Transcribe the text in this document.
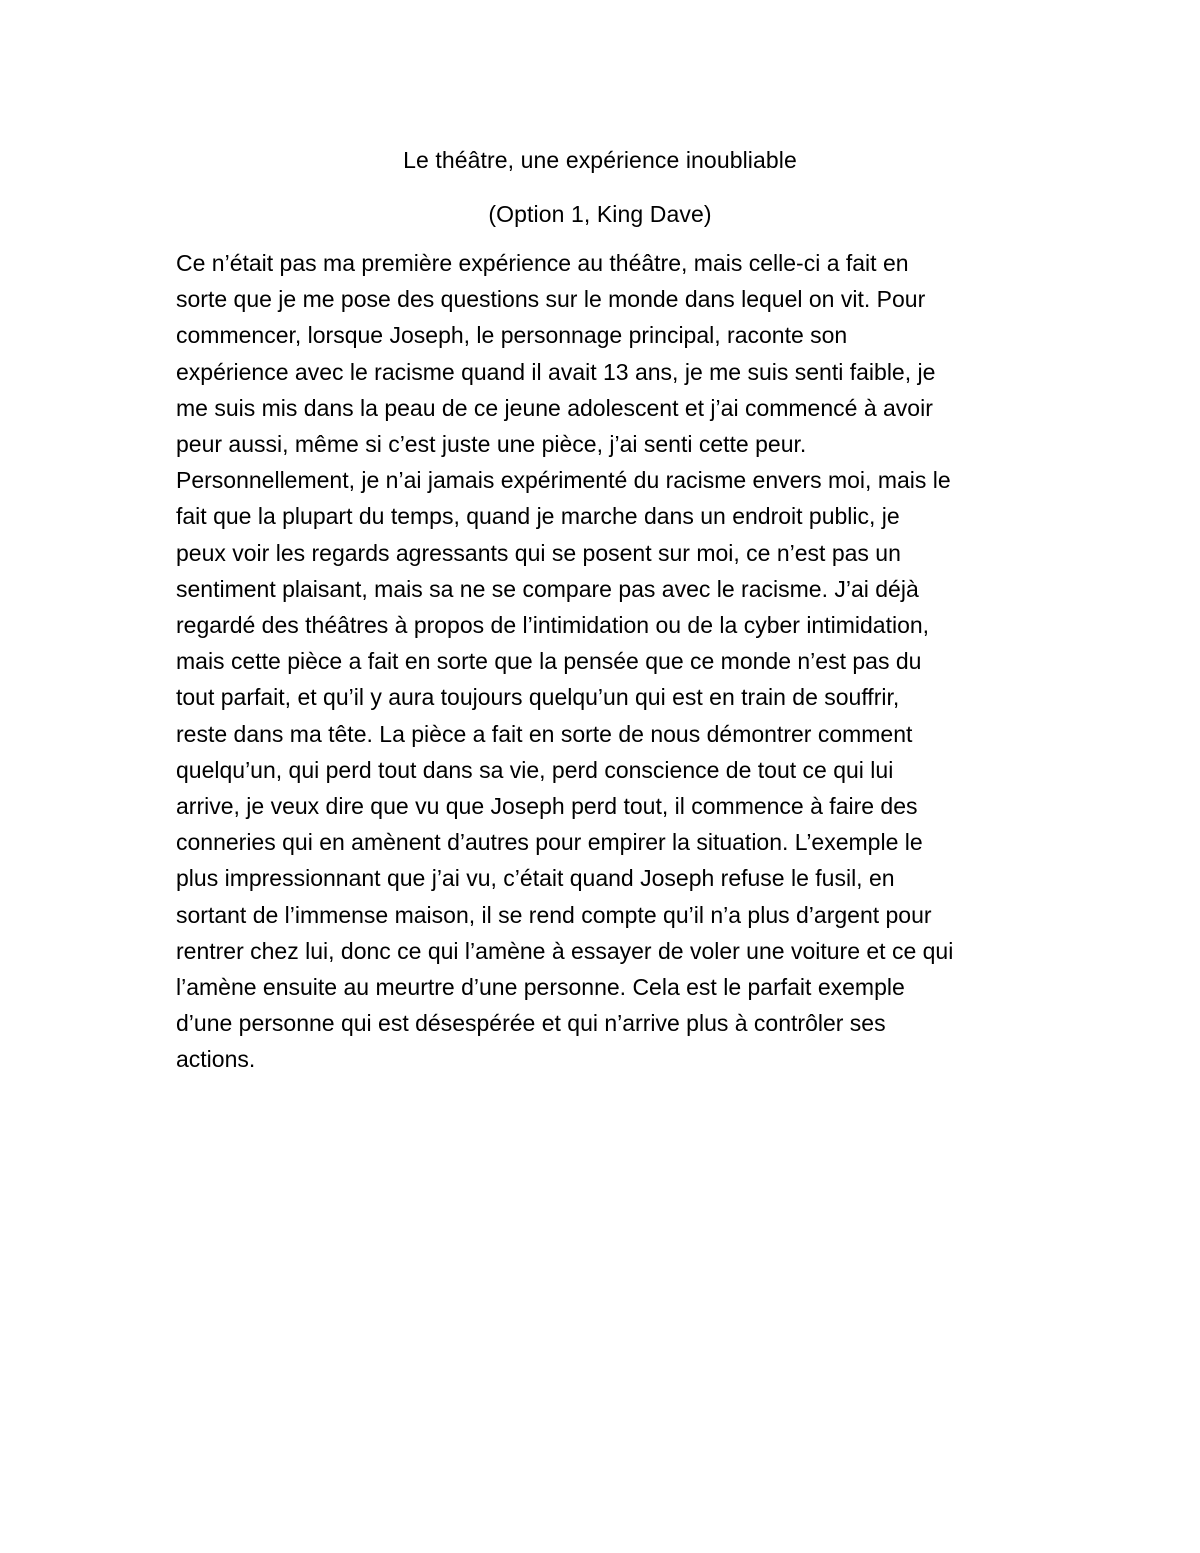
Le théâtre, une expérience inoubliable

(Option 1, King Dave)

Ce n’était pas ma première expérience au théâtre, mais celle-ci a fait en
sorte que je me pose des questions sur le monde dans lequel on vit. Pour
commencer, lorsque Joseph, le personnage principal, raconte son
expérience avec le racisme quand il avait 13 ans, je me suis senti faible, je
me suis mis dans la peau de ce jeune adolescent et j’ai commencé à avoir
peur aussi, même si c’est juste une pièce, j’ai senti cette peur.
Personnellement, je n’ai jamais expérimenté du racisme envers moi, mais le
fait que la plupart du temps, quand je marche dans un endroit public, je
peux voir les regards agressants qui se posent sur moi, ce n’est pas un
sentiment plaisant, mais sa ne se compare pas avec le racisme. J’ai déjà
regardé des théâtres à propos de l’intimidation ou de la cyber intimidation,
mais cette pièce a fait en sorte que la pensée que ce monde n’est pas du
tout parfait, et qu’il y aura toujours quelqu’un qui est en train de souffrir,
reste dans ma tête. La pièce a fait en sorte de nous démontrer comment
quelqu’un, qui perd tout dans sa vie, perd conscience de tout ce qui lui
arrive, je veux dire que vu que Joseph perd tout, il commence à faire des
conneries qui en amènent d’autres pour empirer la situation. L’exemple le
plus impressionnant que j’ai vu, c’était quand Joseph refuse le fusil, en
sortant de l’immense maison, il se rend compte qu’il n’a plus d’argent pour
rentrer chez lui, donc ce qui l’amène à essayer de voler une voiture et ce qui
l’amène ensuite au meurtre d’une personne. Cela est le parfait exemple
d’une personne qui est désespérée et qui n’arrive plus à contrôler ses
actions.
